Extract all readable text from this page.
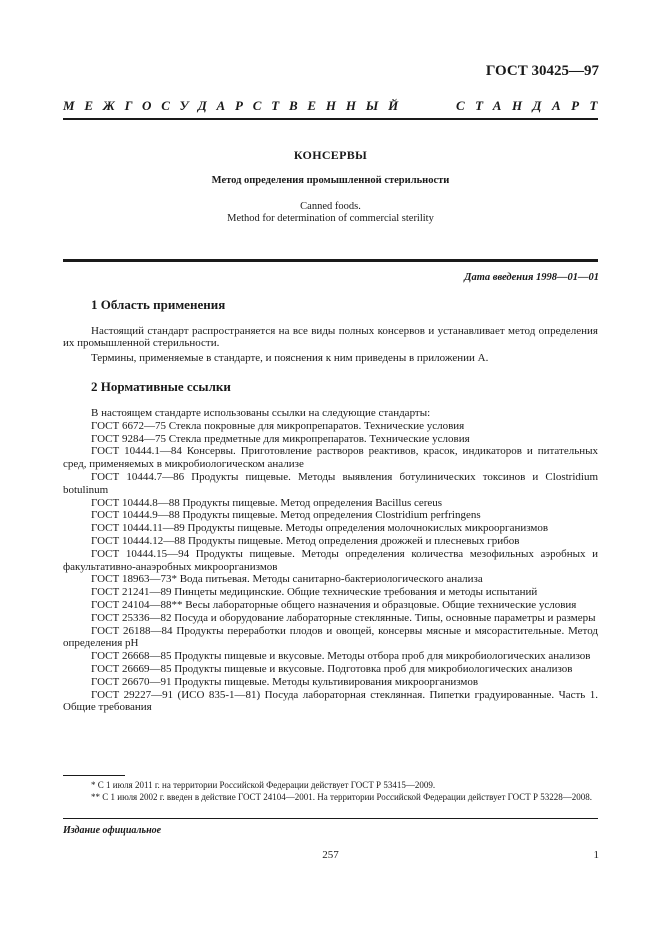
ГОСТ 30425—97
МЕЖГОСУДАРСТВЕННЫЙ	СТАНДАРТ
КОНСЕРВЫ
Метод определения промышленной стерильности
Canned foods.
Method for determination of commercial sterility
Дата введения 1998—01—01
1 Область применения

Настоящий стандарт распространяется на все виды полных консервов и устанавливает метод определения их промышленной стерильности.

Термины, применяемые в стандарте, и пояснения к ним приведены в приложении А.

2 Нормативные ссылки

В настоящем стандарте использованы ссылки на следующие стандарты:

ГОСТ 6672—75 Стекла покровные для микропрепаратов. Технические условия

ГОСТ 9284—75 Стекла предметные для микропрепаратов. Технические условия

ГОСТ 10444.1—84 Консервы. Приготовление растворов реактивов, красок, индикаторов и питательных сред, применяемых в микробиологическом анализе

ГОСТ 10444.7—86 Продукты пищевые. Методы выявления ботулинических токсинов и Clostridium botulinum

ГОСТ 10444.8—88 Продукты пищевые. Метод определения Bacillus cereus

ГОСТ 10444.9—88 Продукты пищевые. Метод определения Clostridium perfringens

ГОСТ 10444.11—89 Продукты пищевые. Методы определения молочнокислых микроорганизмов

ГОСТ 10444.12—88 Продукты пищевые. Метод определения дрожжей и плесневых грибов

ГОСТ 10444.15—94 Продукты пищевые. Методы определения количества мезофильных аэробных и факультативно-анаэробных микроорганизмов

ГОСТ 18963—73* Вода питьевая. Методы санитарно-бактериологического анализа

ГОСТ 21241—89 Пинцеты медицинские. Общие технические требования и методы испытаний

ГОСТ 24104—88** Весы лабораторные общего назначения и образцовые. Общие технические условия

ГОСТ 25336—82 Посуда и оборудование лабораторные стеклянные. Типы, основные параметры и размеры

ГОСТ 26188—84 Продукты переработки плодов и овощей, консервы мясные и мясорастительные. Метод определения pH

ГОСТ 26668—85 Продукты пищевые и вкусовые. Методы отбора проб для микробиологических анализов

ГОСТ 26669—85 Продукты пищевые и вкусовые. Подготовка проб для микробиологических анализов

ГОСТ 26670—91 Продукты пищевые. Методы культивирования микроорганизмов

ГОСТ 29227—91 (ИСО 835-1—81) Посуда лабораторная стеклянная. Пипетки градуированные. Часть 1. Общие требования

* С 1 июля 2011 г. на территории Российской Федерации действует ГОСТ Р 53415—2009.

** С 1 июля 2002 г. введен в действие ГОСТ 24104—2001. На территории Российской Федерации действует ГОСТ Р 53228—2008.

Издание официальное
257	1
